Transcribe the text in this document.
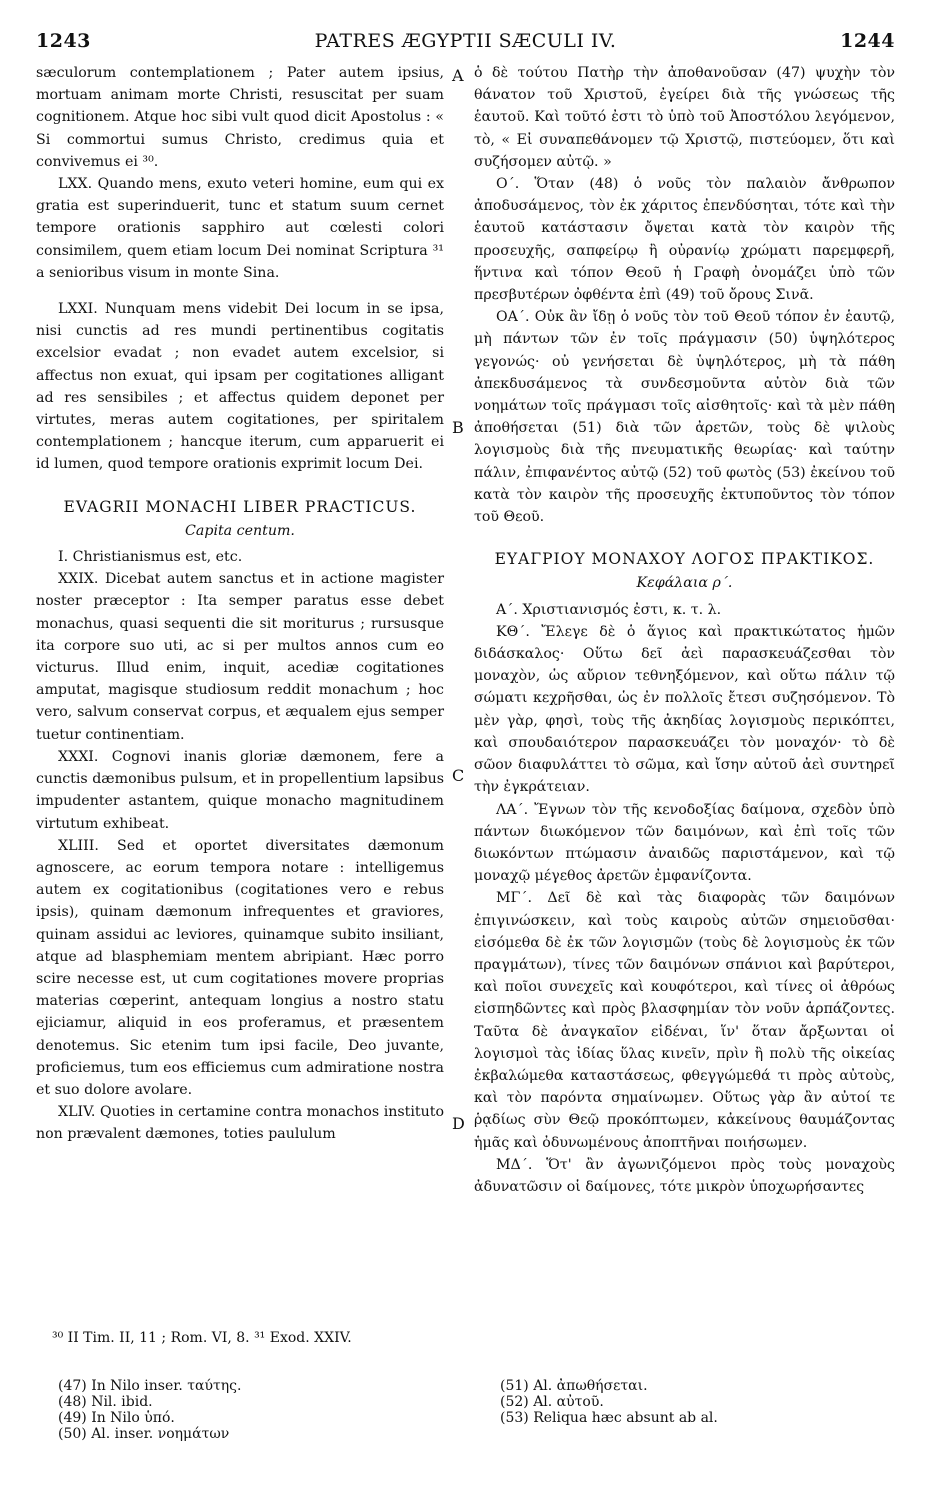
1243	PATRES ÆGYPTII SÆCULI IV.	1244

sæculorum contemplationem ; Pater autem ipsius, mortuam animam morte Christi, resuscitat per suam cognitionem. Atque hoc sibi vult quod dicit Apostolus : « Si commortui sumus Christo, credimus quia et convivemus ei ³⁰.

LXX. Quando mens, exuto veteri homine, eum qui ex gratia est superinduerit, tunc et statum suum cernet tempore orationis sapphiro aut cœlesti colori consimilem, quem etiam locum Dei nominat Scriptura ³¹ a senioribus visum in monte Sina.

LXXI. Nunquam mens videbit Dei locum in se ipsa, nisi cunctis ad res mundi pertinentibus cogitatis excelsior evadat ; non evadet autem excelsior, si affectus non exuat, qui ipsam per cogitationes alligant ad res sensibiles ; et affectus quidem deponet per virtutes, meras autem cogitationes, per spiritalem contemplationem ; hancque iterum, cum apparuerit ei id lumen, quod tempore orationis exprimit locum Dei.

EVAGRII MONACHI LIBER PRACTICUS.
Capita centum.

I. Christianismus est, etc.

XXIX. Dicebat autem sanctus et in actione magister noster præceptor : Ita semper paratus esse debet monachus, quasi sequenti die sit moriturus ; rursusque ita corpore suo uti, ac si per multos annos cum eo victurus. Illud enim, inquit, acediæ cogitationes amputat, magisque studiosum reddit monachum ; hoc vero, salvum conservat corpus, et æqualem ejus semper tuetur continentiam.

XXXI. Cognovi inanis gloriæ dæmonem, fere a cunctis dæmonibus pulsum, et in propellentium lapsibus impudenter astantem, quique monacho magnitudinem virtutum exhibeat.

XLIII. Sed et oportet diversitates dæmonum agnoscere, ac eorum tempora notare : intelligemus autem ex cogitationibus (cogitationes vero e rebus ipsis), quinam dæmonum infrequentes et graviores, quinam assidui ac leviores, quinamque subito insiliant, atque ad blasphemiam mentem abripiant. Hæc porro scire necesse est, ut cum cogitationes movere proprias materias cœperint, antequam longius a nostro statu ejiciamur, aliquid in eos proferamus, et præsentem denotemus. Sic etenim tum ipsi facile, Deo juvante, proficiemus, tum eos efficiemus cum admiratione nostra et suo dolore avolare.

XLIV. Quoties in certamine contra monachos instituto non prævalent dæmones, toties paululum

ὁ δὲ τούτου Πατὴρ τὴν ἀποθανοῦσαν (47) ψυχὴν τὸν θάνατον τοῦ Χριστοῦ, ἐγείρει διὰ τῆς γνώσεως τῆς ἑαυτοῦ. Καὶ τοῦτό ἐστι τὸ ὑπὸ τοῦ Ἀποστόλου λεγόμενον, τὸ, « Εἰ συναπεθάνομεν τῷ Χριστῷ, πιστεύομεν, ὅτι καὶ συζήσομεν αὐτῷ. »

Ο΄. Ὅταν (48) ὁ νοῦς τὸν παλαιὸν ἄνθρωπον ἀποδυσάμενος, τὸν ἐκ χάριτος ἐπενδύσηται, τότε καὶ τὴν ἑαυτοῦ κατάστασιν ὄψεται κατὰ τὸν καιρὸν τῆς προσευχῆς, σαπφείρῳ ἢ οὐρανίῳ χρώματι παρεμφερῆ, ἥντινα καὶ τόπον Θεοῦ ἡ Γραφὴ ὀνομάζει ὑπὸ τῶν πρεσβυτέρων ὀφθέντα ἐπὶ (49) τοῦ ὄρους Σινᾶ.

ΟΑ΄. Οὐκ ἂν ἴδῃ ὁ νοῦς τὸν τοῦ Θεοῦ τόπον ἐν ἑαυτῷ, μὴ πάντων τῶν ἐν τοῖς πράγμασιν (50) ὑψηλότερος γεγονώς· οὐ γενήσεται δὲ ὑψηλότερος, μὴ τὰ πάθη ἀπεκδυσάμενος τὰ συνδεσμοῦντα αὐτὸν διὰ τῶν νοημάτων τοῖς πράγμασι τοῖς αἰσθητοῖς· καὶ τὰ μὲν πάθη ἀποθήσεται (51) διὰ τῶν ἀρετῶν, τοὺς δὲ ψιλοὺς λογισμοὺς διὰ τῆς πνευματικῆς θεωρίας· καὶ ταύτην πάλιν, ἐπιφανέντος αὐτῷ (52) τοῦ φωτὸς (53) ἐκείνου τοῦ κατὰ τὸν καιρὸν τῆς προσευχῆς ἐκτυποῦντος τὸν τόπον τοῦ Θεοῦ.

ΕΥΑΓΡΙΟΥ ΜΟΝΑΧΟΥ ΛΟΓΟΣ ΠΡΑΚΤΙΚΟΣ.
Κεφάλαια ρ΄.

Α΄. Χριστιανισμός ἐστι, κ. τ. λ.

ΚΘ΄. Ἔλεγε δὲ ὁ ἅγιος καὶ πρακτικώτατος ἡμῶν διδάσκαλος· Οὕτω δεῖ ἀεὶ παρασκευάζεσθαι τὸν μοναχὸν, ὡς αὔριον τεθνηξόμενον, καὶ οὕτω πάλιν τῷ σώματι κεχρῆσθαι, ὡς ἐν πολλοῖς ἔτεσι συζησόμενον. Τὸ μὲν γὰρ, φησὶ, τοὺς τῆς ἀκηδίας λογισμοὺς περικόπτει, καὶ σπουδαιότερον παρασκευάζει τὸν μοναχόν· τὸ δὲ σῶον διαφυλάττει τὸ σῶμα, καὶ ἴσην αὐτοῦ ἀεὶ συντηρεῖ τὴν ἐγκράτειαν.

ΛΑ΄. Ἔγνων τὸν τῆς κενοδοξίας δαίμονα, σχεδὸν ὑπὸ πάντων διωκόμενον τῶν δαιμόνων, καὶ ἐπὶ τοῖς τῶν διωκόντων πτώμασιν ἀναιδῶς παριστάμενον, καὶ τῷ μοναχῷ μέγεθος ἀρετῶν ἐμφανίζοντα.

ΜΓ΄. Δεῖ δὲ καὶ τὰς διαφορὰς τῶν δαιμόνων ἐπιγινώσκειν, καὶ τοὺς καιροὺς αὐτῶν σημειοῦσθαι· εἰσόμεθα δὲ ἐκ τῶν λογισμῶν (τοὺς δὲ λογισμοὺς ἐκ τῶν πραγμάτων), τίνες τῶν δαιμόνων σπάνιοι καὶ βαρύτεροι, καὶ ποῖοι συνεχεῖς καὶ κουφότεροι, καὶ τίνες οἱ ἀθρόως εἰσπηδῶντες καὶ πρὸς βλασφημίαν τὸν νοῦν ἁρπάζοντες. Ταῦτα δὲ ἀναγκαῖον εἰδέναι, ἵν' ὅταν ἄρξωνται οἱ λογισμοὶ τὰς ἰδίας ὕλας κινεῖν, πρὶν ἢ πολὺ τῆς οἰκείας ἐκβαλώμεθα καταστάσεως, φθεγγώμεθά τι πρὸς αὐτοὺς, καὶ τὸν παρόντα σημαίνωμεν. Οὕτως γὰρ ἂν αὐτοί τε ῥᾳδίως σὺν Θεῷ προκόπτωμεν, κἀκείνους θαυμάζοντας ἡμᾶς καὶ ὀδυνωμένους ἀποπτῆναι ποιήσωμεν.

ΜΔ΄. Ὅτ' ἂν ἀγωνιζόμενοι πρὸς τοὺς μοναχοὺς ἀδυνατῶσιν οἱ δαίμονες, τότε μικρὸν ὑποχωρήσαντες

A
B
C
D
³⁰ II Tim. II, 11 ; Rom. VI, 8. ³¹ Exod. XXIV.
(47) In Nilo inser. ταύτης.
(48) Nil. ibid.
(49) In Nilo ὑπό.
(50) Al. inser. νοημάτων
(51) Al. ἀπωθήσεται.
(52) Al. αὐτοῦ.
(53) Reliqua hæc absunt ab al.
